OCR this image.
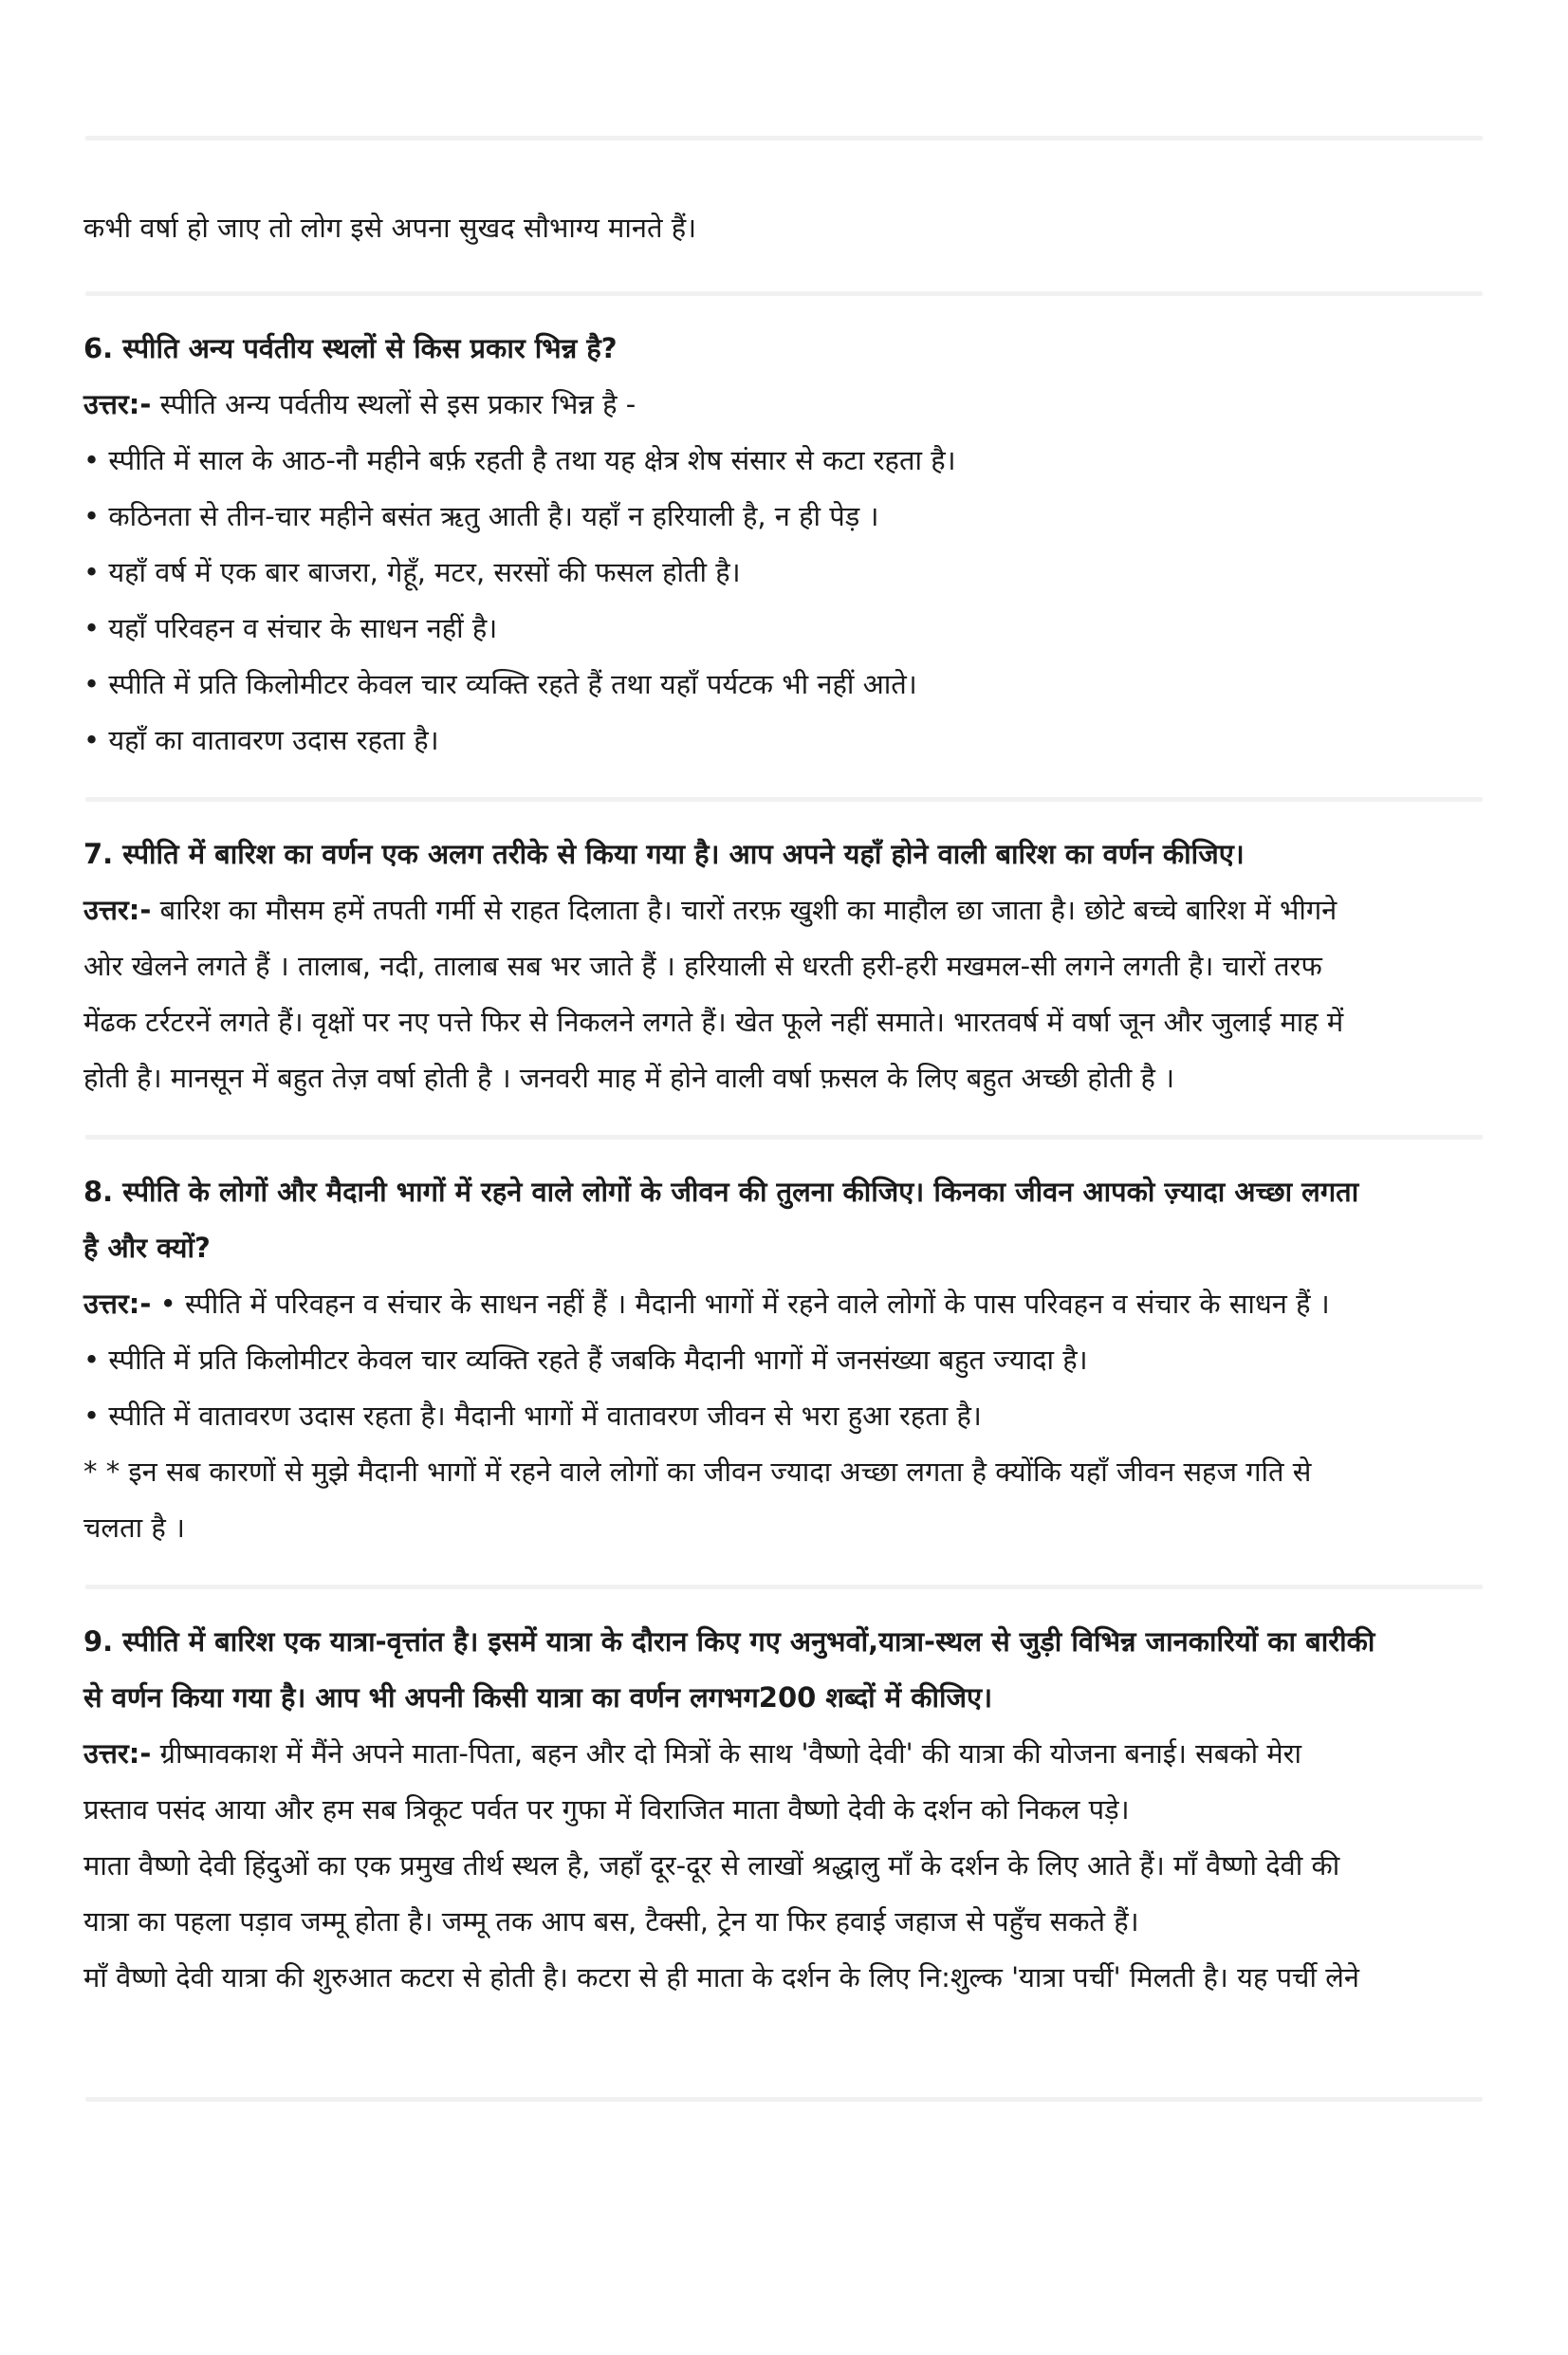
कभी वर्षा हो जाए तो लोग इसे अपना सुखद सौभाग्य मानते हैं।
6. स्पीति अन्य पर्वतीय स्थलों से किस प्रकार भिन्न है?
उत्तर:- स्पीति अन्य पर्वतीय स्थलों से इस प्रकार भिन्न है -
• स्पीति में साल के आठ-नौ महीने बर्फ़ रहती है तथा यह क्षेत्र शेष संसार से कटा रहता है।
• कठिनता से तीन-चार महीने बसंत ऋतु आती है। यहाँ न हरियाली है, न ही पेड़ ।
• यहाँ वर्ष में एक बार बाजरा, गेहूँ, मटर, सरसों की फसल होती है।
• यहाँ परिवहन व संचार के साधन नहीं है।
• स्पीति में प्रति किलोमीटर केवल चार व्यक्ति रहते हैं तथा यहाँ पर्यटक भी नहीं आते।
• यहाँ का वातावरण उदास रहता है।
7. स्पीति में बारिश का वर्णन एक अलग तरीके से किया गया है। आप अपने यहाँ होने वाली बारिश का वर्णन कीजिए।
उत्तर:- बारिश का मौसम हमें तपती गर्मी से राहत दिलाता है। चारों तरफ़ खुशी का माहौल छा जाता है। छोटे बच्चे बारिश में भीगने
ओर खेलने लगते हैं । तालाब, नदी, तालाब सब भर जाते हैं । हरियाली से धरती हरी-हरी मखमल-सी लगने लगती है। चारों तरफ
मेंढक टर्रटरनें लगते हैं। वृक्षों पर नए पत्ते फिर से निकलने लगते हैं। खेत फूले नहीं समाते। भारतवर्ष में वर्षा जून और जुलाई माह में
होती है। मानसून में बहुत तेज़ वर्षा होती है । जनवरी माह में होने वाली वर्षा फ़सल के लिए बहुत अच्छी होती है ।
8. स्पीति के लोगों और मैदानी भागों में रहने वाले लोगों के जीवन की तुलना कीजिए। किनका जीवन आपको ज़्यादा अच्छा लगता
है और क्यों?
उत्तर:- • स्पीति में परिवहन व संचार के साधन नहीं हैं । मैदानी भागों में रहने वाले लोगों के पास परिवहन व संचार के साधन हैं ।
• स्पीति में प्रति किलोमीटर केवल चार व्यक्ति रहते हैं जबकि मैदानी भागों में जनसंख्या बहुत ज्यादा है।
• स्पीति में वातावरण उदास रहता है। मैदानी भागों में वातावरण जीवन से भरा हुआ रहता है।
* * इन सब कारणों से मुझे मैदानी भागों में रहने वाले लोगों का जीवन ज्यादा अच्छा लगता है क्योंकि यहाँ जीवन सहज गति से
चलता है ।
9. स्पीति में बारिश एक यात्रा-वृत्तांत है। इसमें यात्रा के दौरान किए गए अनुभवों,यात्रा-स्थल से जुड़ी विभिन्न जानकारियों का बारीकी
से वर्णन किया गया है। आप भी अपनी किसी यात्रा का वर्णन लगभग200 शब्दों में कीजिए।
उत्तर:- ग्रीष्मावकाश में मैंने अपने माता-पिता, बहन और दो मित्रों के साथ 'वैष्णो देवी' की यात्रा की योजना बनाई। सबको मेरा
प्रस्ताव पसंद आया और हम सब त्रिकूट पर्वत पर गुफा में विराजित माता वैष्णो देवी के दर्शन को निकल पड़े।
माता वैष्णो देवी हिंदुओं का एक प्रमुख तीर्थ स्थल है, जहाँ दूर-दूर से लाखों श्रद्धालु माँ के दर्शन के लिए आते हैं। माँ वैष्णो देवी की
यात्रा का पहला पड़ाव जम्मू होता है। जम्मू तक आप बस, टैक्सी, ट्रेन या फिर हवाई जहाज से पहुँच सकते हैं।
माँ वैष्णो देवी यात्रा की शुरुआत कटरा से होती है। कटरा से ही माता के दर्शन के लिए नि:शुल्क 'यात्रा पर्ची' मिलती है। यह पर्ची लेने
